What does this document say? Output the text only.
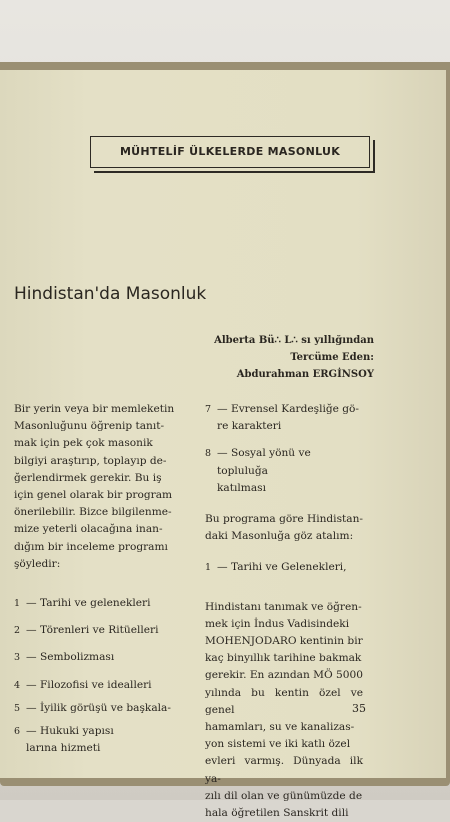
MÜHTELİF ÜLKELERDE MASONLUK
Hindistan'da Masonluk
Alberta Bü∴ L∴ sı yıllığından
Tercüme Eden:
Abdurahman ERGİNSOY
Bir yerin veya bir memleketin
Masonluğunu öğrenip tanıt-
mak için pek çok masonik
bilgiyi araştırıp, toplayıp de-
ğerlendirmek gerekir. Bu iş
için genel olarak bir program
önerilebilir. Bizce bilgilenme-
mize yeterli olacağına inan-
dığım bir inceleme programı
şöyledir:
1 — Tarihi ve gelenekleri
2 — Törenleri ve Ritüelleri
3 — Sembolizması
4 — Filozofisi ve idealleri
5 — İyilik görüşü ve başkala-
6 — Hukuki yapısı
larına hizmeti
7 — Evrensel Kardeşliğe gö-
re karakteri
8 — Sosyal yönü ve topluluğa
katılması
Bu programa göre Hindistan-
daki Masonluğa göz atalım:
1 — Tarihi ve Gelenekleri,
Hindistanı tanımak ve öğren-
mek için İndus Vadisindeki
MOHENJODARO kentinin bir
kaç binyıllık tarihine bakmak
gerekir. En azından MÖ 5000
yılında bu kentin özel ve genel
hamamları, su ve kanalizas-
yon sistemi ve iki katlı özel
evleri varmış. Dünyada ilk ya-
zılı dil olan ve günümüzde de
hala öğretilen Sanskrit dili
35
